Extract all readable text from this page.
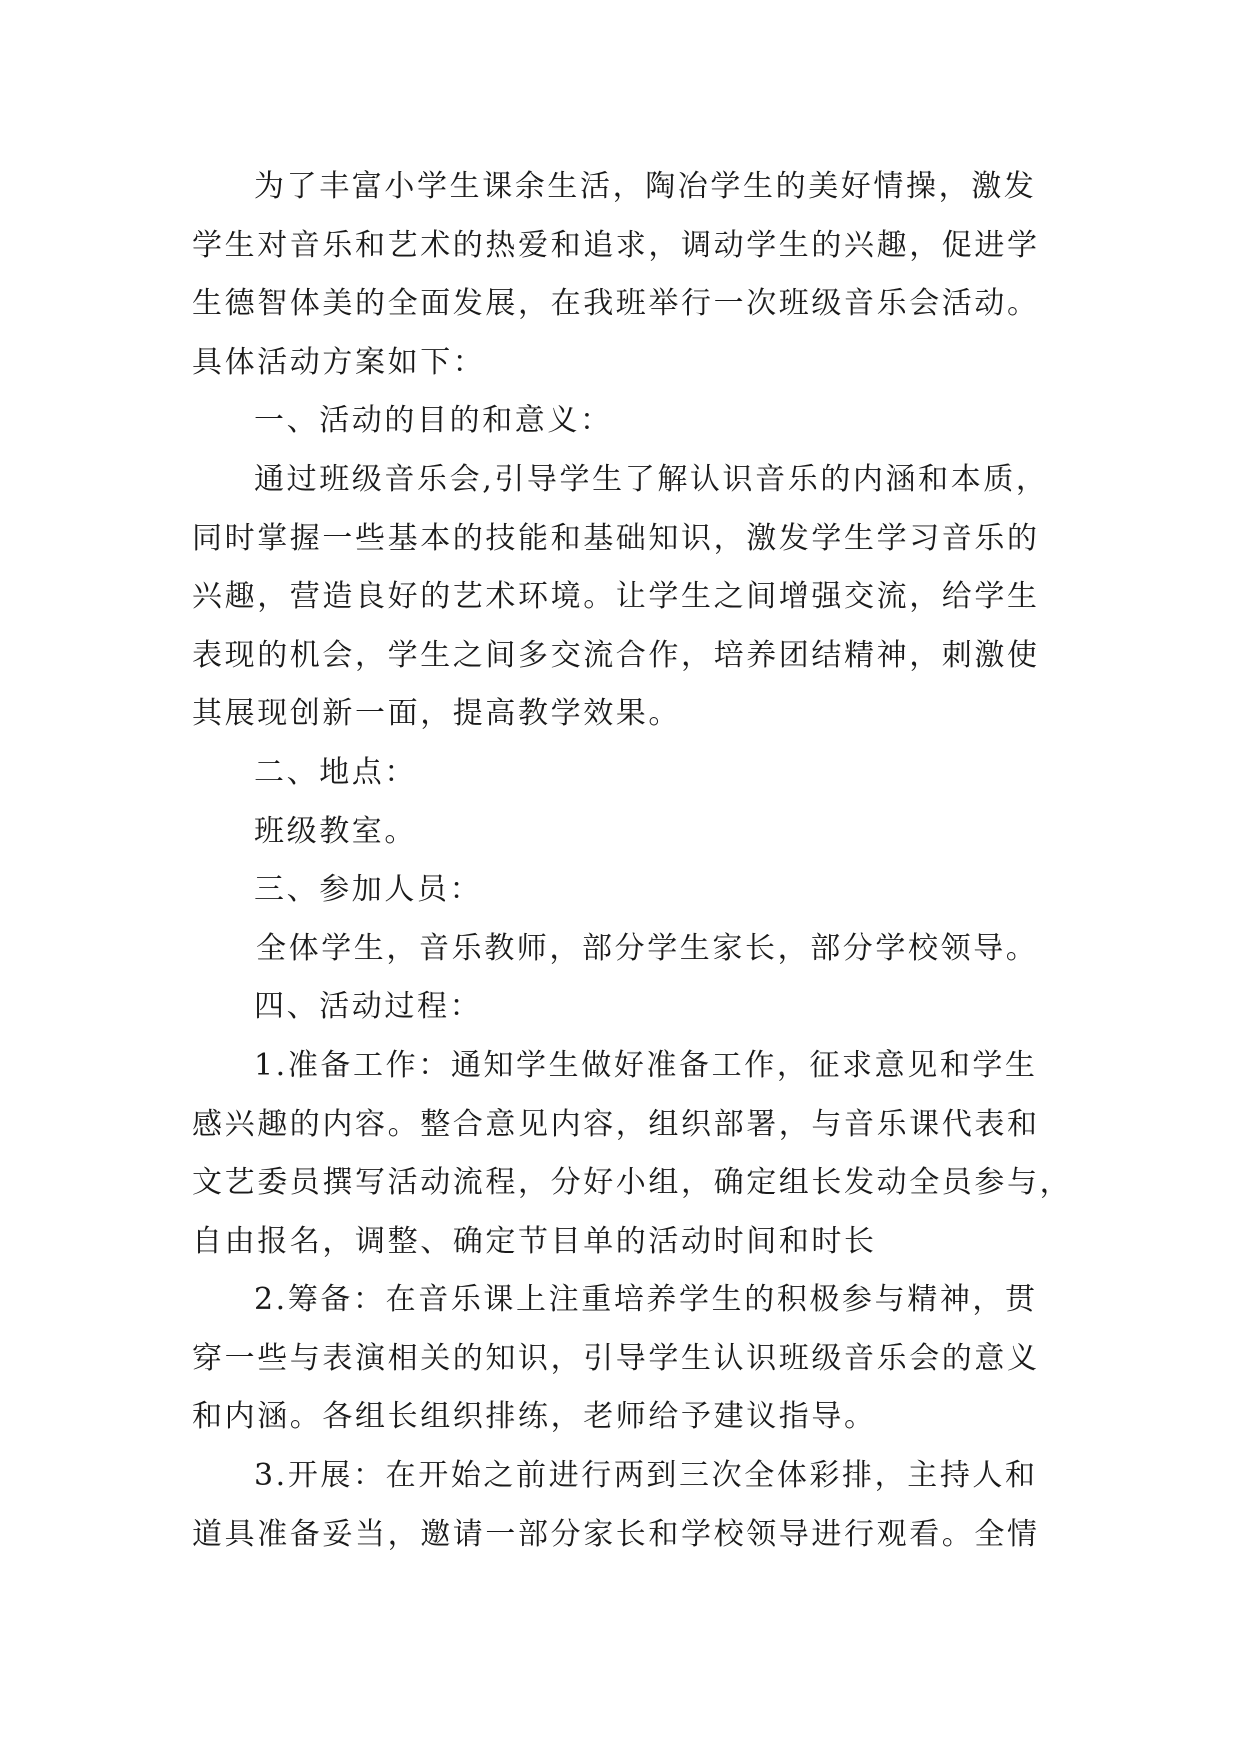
为了丰富小学生课余生活，陶冶学生的美好情操，激发
学生对音乐和艺术的热爱和追求，调动学生的兴趣，促进学
生德智体美的全面发展，在我班举行一次班级音乐会活动。
具体活动方案如下：
一、活动的目的和意义：
通过班级音乐会,引导学生了解认识音乐的内涵和本质，
同时掌握一些基本的技能和基础知识，激发学生学习音乐的
兴趣，营造良好的艺术环境。让学生之间增强交流，给学生
表现的机会，学生之间多交流合作，培养团结精神，刺激使
其展现创新一面，提高教学效果。
二、地点：
班级教室。
三、参加人员：
全体学生，音乐教师，部分学生家长，部分学校领导。
四、活动过程：
1.准备工作：通知学生做好准备工作，征求意见和学生
感兴趣的内容。整合意见内容，组织部署，与音乐课代表和
文艺委员撰写活动流程，分好小组，确定组长发动全员参与，
自由报名，调整、确定节目单的活动时间和时长
2.筹备：在音乐课上注重培养学生的积极参与精神，贯
穿一些与表演相关的知识，引导学生认识班级音乐会的意义
和内涵。各组长组织排练，老师给予建议指导。
3.开展：在开始之前进行两到三次全体彩排，主持人和
道具准备妥当，邀请一部分家长和学校领导进行观看。全情
